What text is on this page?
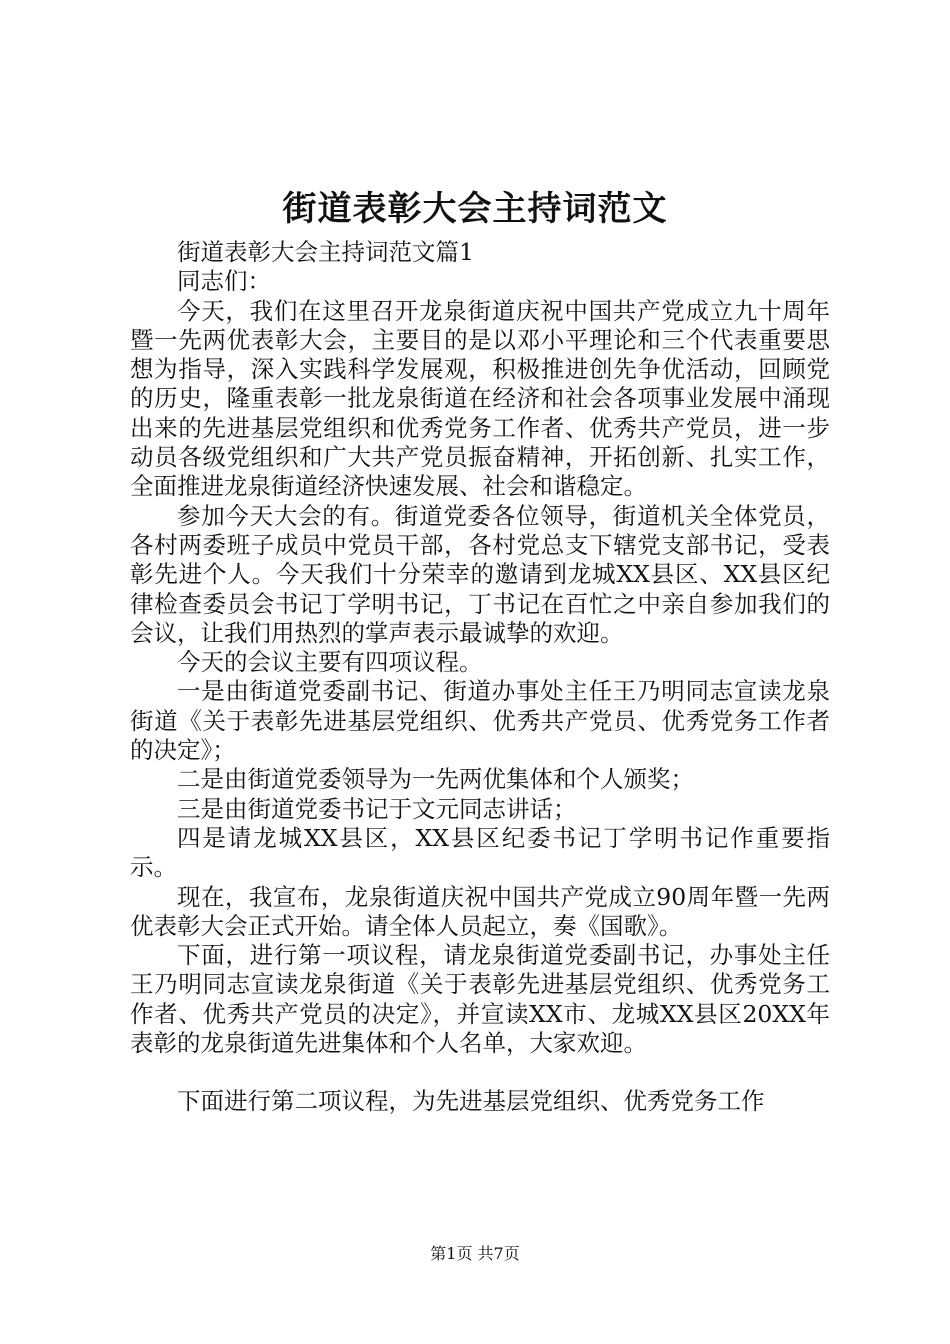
街道表彰大会主持词范文

街道表彰大会主持词范文篇1

同志们：

今天，我们在这里召开龙泉街道庆祝中国共产党成立九十周年暨一先两优表彰大会，主要目的是以邓小平理论和三个代表重要思想为指导，深入实践科学发展观，积极推进创先争优活动，回顾党的历史，隆重表彰一批龙泉街道在经济和社会各项事业发展中涌现出来的先进基层党组织和优秀党务工作者、优秀共产党员，进一步动员各级党组织和广大共产党员振奋精神，开拓创新、扎实工作，全面推进龙泉街道经济快速发展、社会和谐稳定。

参加今天大会的有。街道党委各位领导，街道机关全体党员，各村两委班子成员中党员干部，各村党总支下辖党支部书记，受表彰先进个人。今天我们十分荣幸的邀请到龙城XX县区、XX县区纪律检查委员会书记丁学明书记，丁书记在百忙之中亲自参加我们的会议，让我们用热烈的掌声表示最诚挚的欢迎。

今天的会议主要有四项议程。

一是由街道党委副书记、街道办事处主任王乃明同志宣读龙泉街道《关于表彰先进基层党组织、优秀共产党员、优秀党务工作者的决定》；

二是由街道党委领导为一先两优集体和个人颁奖；

三是由街道党委书记于文元同志讲话；

四是请龙城XX县区，XX县区纪委书记丁学明书记作重要指示。

现在，我宣布，龙泉街道庆祝中国共产党成立90周年暨一先两优表彰大会正式开始。请全体人员起立，奏《国歌》。

下面，进行第一项议程，请龙泉街道党委副书记，办事处主任王乃明同志宣读龙泉街道《关于表彰先进基层党组织、优秀党务工作者、优秀共产党员的决定》，并宣读XX市、龙城XX县区20XX年表彰的龙泉街道先进集体和个人名单，大家欢迎。

下面进行第二项议程，为先进基层党组织、优秀党务工作

第1页 共7页
